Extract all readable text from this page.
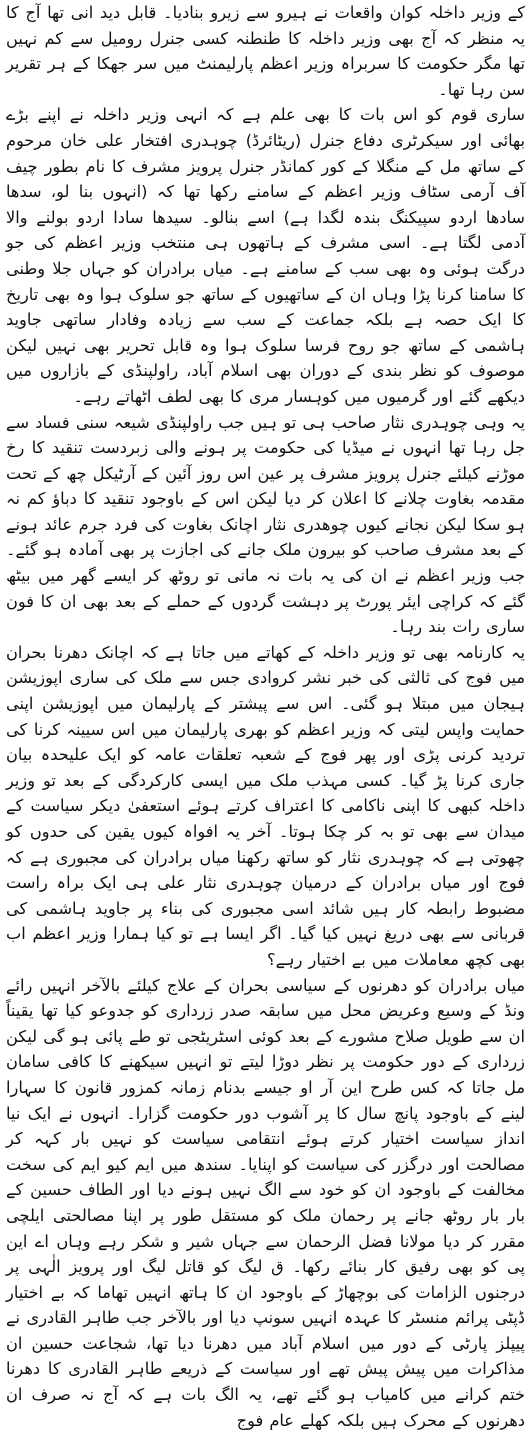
کے وزیر داخلہ کوان واقعات نے ہیرو سے زیرو بنادیا۔ قابل دید انی تھا آج کا یہ منظر کہ آج بھی وزیر داخلہ کا طنطنہ کسی جنرل رومیل سے کم نہیں تھا مگر حکومت کا سربراہ وزیر اعظم پارلیمنٹ میں سر جھکا کے ہر تقریر سن رہا تھا۔

ساری قوم کو اس بات کا بھی علم ہے کہ انہی وزیر داخلہ نے اپنے بڑے بھائی اور سیکرٹری دفاع جنرل (ریٹائرڈ) چوہدری افتخار علی خان مرحوم کے ساتھ مل کے منگلا کے کور کمانڈر جنرل پرویز مشرف کا نام بطور چیف آف آرمی سٹاف وزیر اعظم کے سامنے رکھا تھا کہ (انہوں بنا لو، سدھا سادھا اردو سپیکنگ بندہ لگدا ہے) اسے بنالو۔ سیدھا سادا اردو بولنے والا آدمی لگتا ہے۔ اسی مشرف کے ہاتھوں ہی منتخب وزیر اعظم کی جو درگت ہوئی وہ بھی سب کے سامنے ہے۔ میاں برادران کو جہاں جلا وطنی کا سامنا کرنا پڑا وہاں ان کے ساتھیوں کے ساتھ جو سلوک ہوا وہ بھی تاریخ کا ایک حصہ ہے بلکہ جماعت کے سب سے زیادہ وفادار ساتھی جاوید ہاشمی کے ساتھ جو روح فرسا سلوک ہوا وہ قابل تحریر بھی نہیں لیکن موصوف کو نظر بندی کے دوران بھی اسلام آباد، راولپنڈی کے بازاروں میں دیکھے گئے اور گرمیوں میں کوہسار مری کا بھی لطف اٹھاتے رہے۔

یہ وہی چوہدری نثار صاحب ہی تو ہیں جب راولپنڈی شیعہ سنی فساد سے جل رہا تھا انہوں نے میڈیا کی حکومت پر ہونے والی زبردست تنقید کا رخ موڑنے کیلئے جنرل پرویز مشرف پر عین اس روز آئین کے آرٹیکل چھ کے تحت مقدمہ بغاوت چلانے کا اعلان کر دیا لیکن اس کے باوجود تنقید کا دباؤ کم نہ ہو سکا لیکن نجانے کیوں چوھدری نثار اچانک بغاوت کی فرد جرم عائد ہونے کے بعد مشرف صاحب کو بیرون ملک جانے کی اجازت پر بھی آمادہ ہو گئے۔ جب وزیر اعظم نے ان کی یہ بات نہ مانی تو روٹھ کر ایسے گھر میں بیٹھ گئے کہ کراچی ایئر پورٹ پر دہشت گردوں کے حملے کے بعد بھی ان کا فون ساری رات بند رہا۔

یہ کارنامہ بھی تو وزیر داخلہ کے کھاتے میں جاتا ہے کہ اچانک دھرنا بحران میں فوج کی ثالثی کی خبر نشر کروادی جس سے ملک کی ساری اپوزیشن ہیجان میں مبتلا ہو گئی۔ اس سے پیشتر کے پارلیمان میں اپوزیشن اپنی حمایت واپس لیتی کہ وزیر اعظم کو بھری پارلیمان میں اس سیینہ کرنا کی تردید کرنی پڑی اور پھر فوج کے شعبہ تعلقات عامہ کو ایک علیحدہ بیان جاری کرنا پڑ گیا۔ کسی مہذب ملک میں ایسی کارکردگی کے بعد تو وزیر داخلہ کبھی کا اپنی ناکامی کا اعتراف کرتے ہوئے استعفیٰ دیکر سیاست کے میدان سے بھی تو بہ کر چکا ہوتا۔ آخر یہ افواہ کیوں یقین کی حدوں کو چھوتی ہے کہ چوہدری نثار کو ساتھ رکھنا میاں برادران کی مجبوری ہے کہ فوج اور میاں برادران کے درمیان چوہدری نثار علی ہی ایک براہ راست مضبوط رابطہ کار ہیں شائد اسی مجبوری کی بناء پر جاوید ہاشمی کی قربانی سے بھی دریغ نہیں کیا گیا۔ اگر ایسا ہے تو کیا ہمارا وزیر اعظم اب بھی کچھ معاملات میں بے اختیار رہے؟

میاں برادران کو دھرنوں کے سیاسی بحران کے علاج کیلئے بالآخر انہیں رائے ونڈ کے وسیع وعریض محل میں سابقہ صدر زرداری کو جدوعو کیا تھا یقیناً ان سے طویل صلاح مشورے کے بعد کوئی اسٹریٹجی تو طے پائی ہو گی لیکن زرداری کے دور حکومت پر نظر دوڑا لیتے تو انہیں سیکھنے کا کافی سامان مل جاتا کہ کس طرح این آر او جیسے بدنام زمانہ کمزور قانون کا سہارا لینے کے باوجود پانچ سال کا پر آشوب دور حکومت گزارا۔ انہوں نے ایک نیا انداز سیاست اختیار کرتے ہوئے انتقامی سیاست کو نہیں بار کہہ کر مصالحت اور درگزر کی سیاست کو اپنایا۔ سندھ میں ایم کیو ایم کی سخت مخالفت کے باوجود ان کو خود سے الگ نہیں ہونے دیا اور الطاف حسین کے بار بار روٹھ جانے پر رحمان ملک کو مستقل طور پر اپنا مصالحتی ایلچی مقرر کر دیا مولانا فضل الرحمان سے جہاں شیر و شکر رہے وہاں اے این پی کو بھی رفیق کار بنائے رکھا۔ ق لیگ کو قاتل لیگ اور پرویز الٰہی پر درجنوں الزامات کی بوچھاڑ کے باوجود ان کا ہاتھ انہیں تھاما کہ بے اختیار ڈپٹی پرائم منسٹر کا عہدہ انہیں سونپ دیا اور بالآخر جب طاہر القادری نے پیپلز پارٹی کے دور میں اسلام آباد میں دھرنا دیا تھا، شجاعت حسین ان مذاکرات میں پیش پیش تھے اور سیاست کے ذریعے طاہر القادری کا دھرنا ختم کرانے میں کامیاب ہو گئے تھے، یہ الگ بات ہے کہ آج نہ صرف ان دھرنوں کے محرک ہیں بلکہ کھلے عام فوج
